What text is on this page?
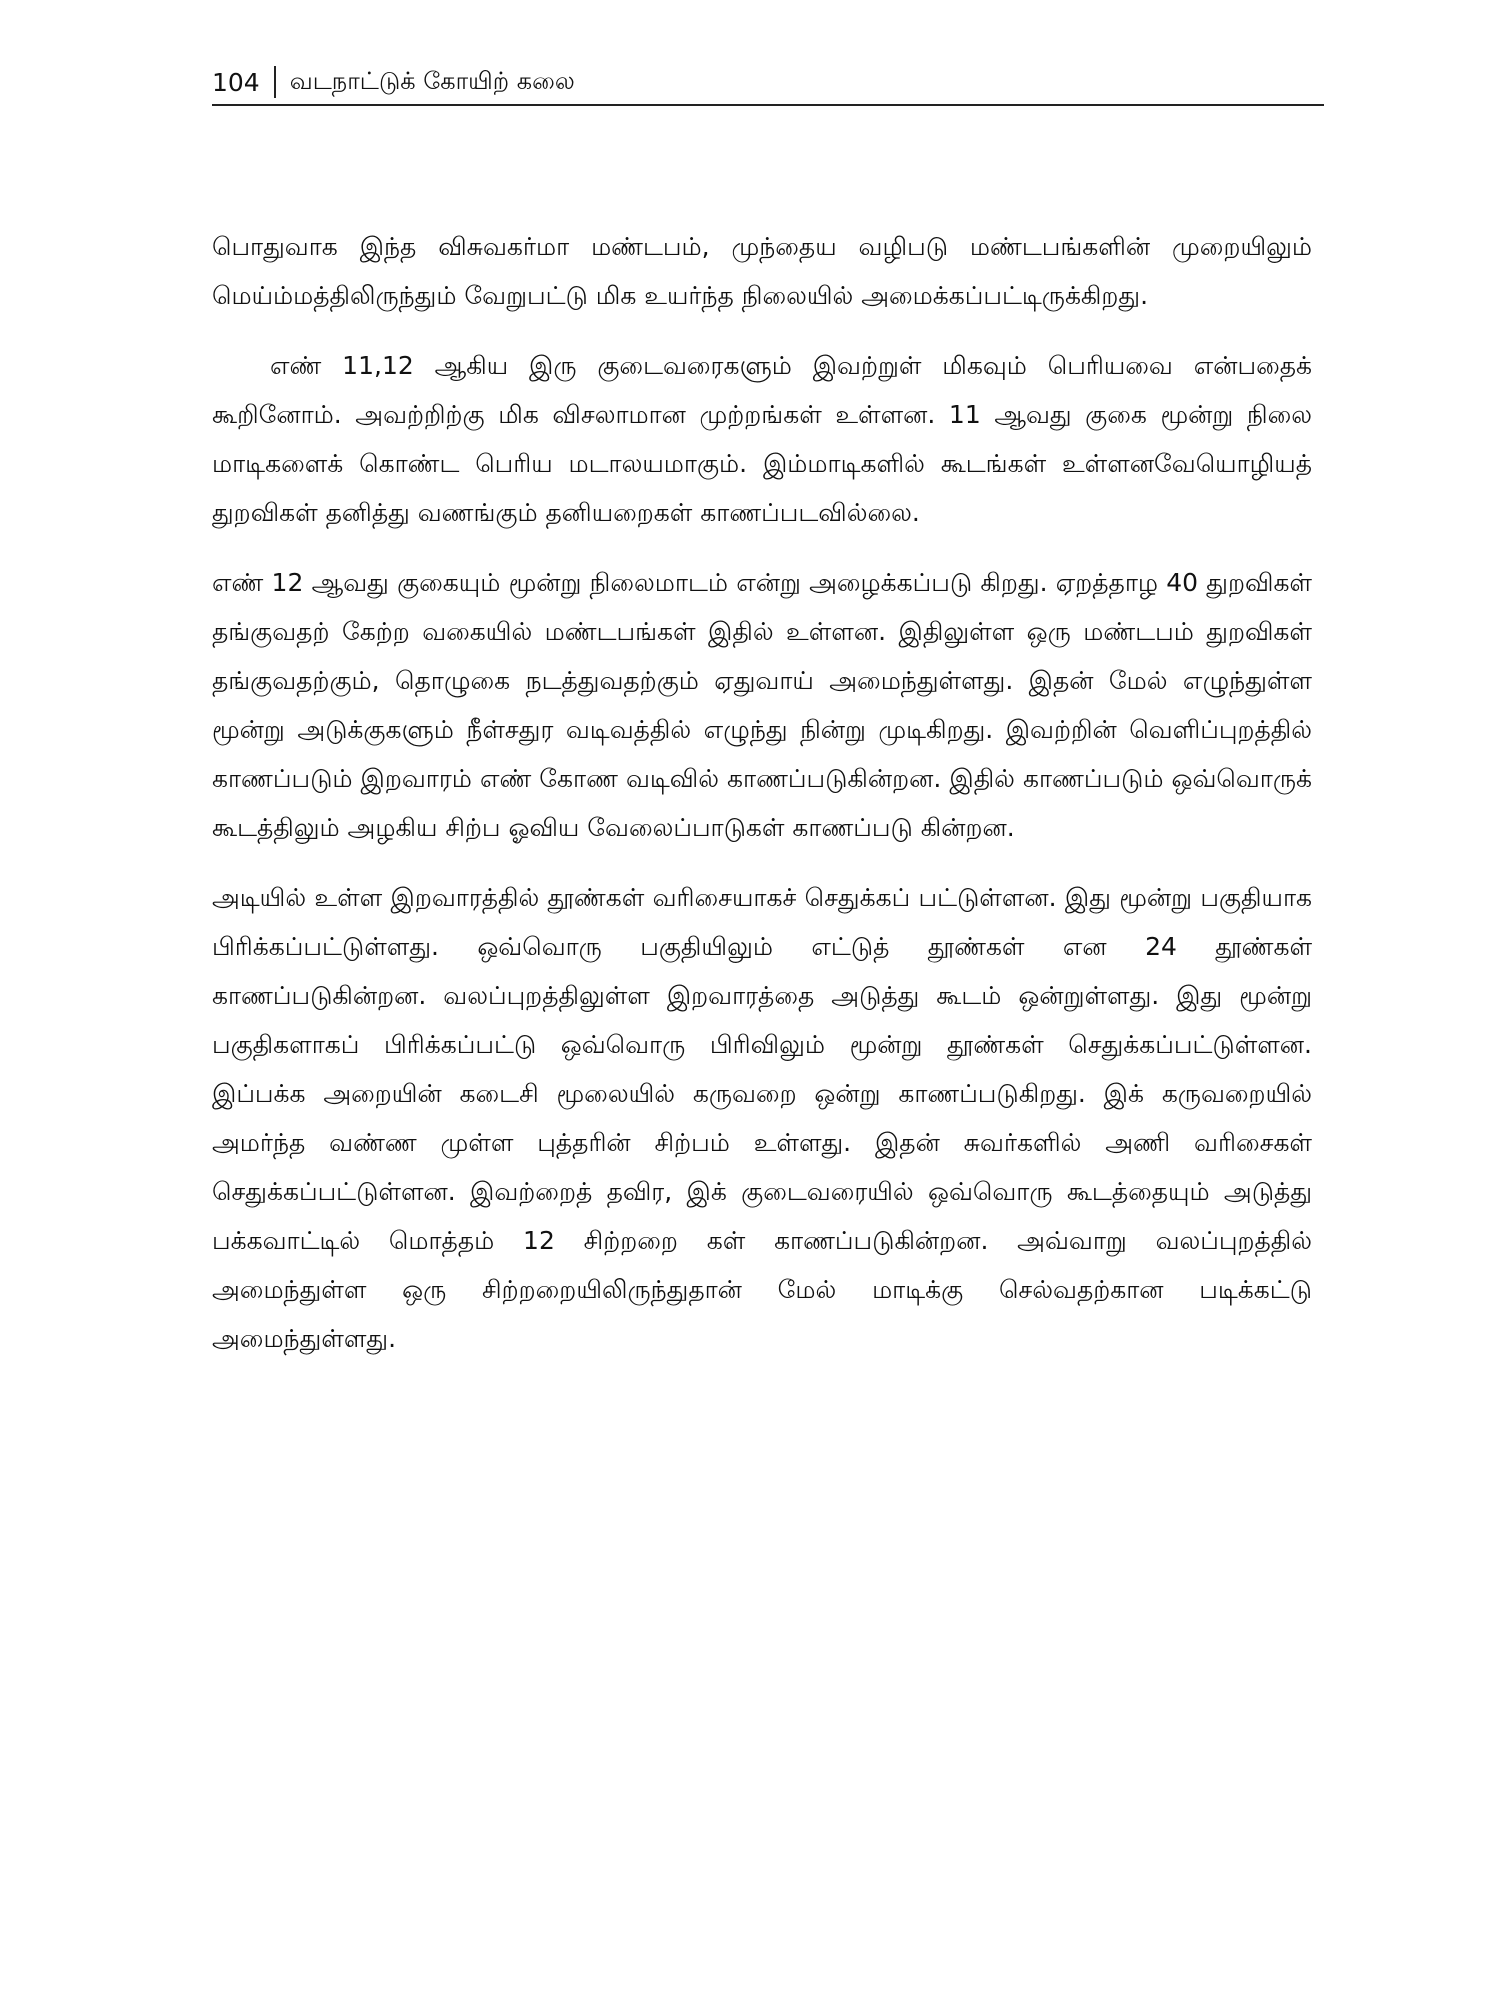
104 வடநாட்டுக் கோயிற் கலை

பொதுவாக இந்த விசுவகர்மா மண்டபம், முந்தைய வழிபடு மண்டபங்களின் முறையிலும் மெய்ம்மத்திலிருந்தும் வேறுபட்டு மிக உயர்ந்த நிலையில் அமைக்கப்பட்டிருக்கிறது.

எண் 11,12 ஆகிய இரு குடைவரைகளும் இவற்றுள் மிகவும் பெரியவை என்பதைக் கூறினோம். அவற்றிற்கு மிக விசலாமான முற்றங்கள் உள்ளன. 11 ஆவது குகை மூன்று நிலை மாடிகளைக் கொண்ட பெரிய மடாலயமாகும். இம்மாடிகளில் கூடங்கள் உள்ளனவேயொழியத் துறவிகள் தனித்து வணங்கும் தனியறைகள் காணப்படவில்லை.

எண் 12 ஆவது குகையும் மூன்று நிலைமாடம் என்று அழைக்கப்படு கிறது. ஏறத்தாழ 40 துறவிகள் தங்குவதற் கேற்ற வகையில் மண்டபங்கள் இதில் உள்ளன. இதிலுள்ள ஒரு மண்டபம் துறவிகள் தங்குவதற்கும், தொழுகை நடத்துவதற்கும் ஏதுவாய் அமைந்துள்ளது. இதன் மேல் எழுந்துள்ள மூன்று அடுக்குகளும் நீள்சதுர வடிவத்தில் எழுந்து நின்று முடிகிறது. இவற்றின் வெளிப்புறத்தில் காணப்படும் இறவாரம் எண் கோண வடிவில் காணப்படுகின்றன. இதில் காணப்படும் ஒவ்வொருக் கூடத்திலும் அழகிய சிற்ப ஓவிய வேலைப்பாடுகள் காணப்படு கின்றன.

அடியில் உள்ள இறவாரத்தில் தூண்கள் வரிசையாகச் செதுக்கப் பட்டுள்ளன. இது மூன்று பகுதியாக பிரிக்கப்பட்டுள்ளது. ஒவ்வொரு பகுதியிலும் எட்டுத் தூண்கள் என 24 தூண்கள் காணப்படுகின்றன. வலப்புறத்திலுள்ள இறவாரத்தை அடுத்து கூடம் ஒன்றுள்ளது. இது மூன்று பகுதிகளாகப் பிரிக்கப்பட்டு ஒவ்வொரு பிரிவிலும் மூன்று தூண்கள் செதுக்கப்பட்டுள்ளன. இப்பக்க அறையின் கடைசி மூலையில் கருவறை ஒன்று காணப்படுகிறது. இக் கருவறையில் அமர்ந்த வண்ண முள்ள புத்தரின் சிற்பம் உள்ளது. இதன் சுவர்களில் அணி வரிசைகள் செதுக்கப்பட்டுள்ளன. இவற்றைத் தவிர, இக் குடைவரையில் ஒவ்வொரு கூடத்தையும் அடுத்து பக்கவாட்டில் மொத்தம் 12 சிற்றறை கள் காணப்படுகின்றன. அவ்வாறு வலப்புறத்தில் அமைந்துள்ள ஒரு சிற்றறையிலிருந்துதான் மேல் மாடிக்கு செல்வதற்கான படிக்கட்டு அமைந்துள்ளது.
